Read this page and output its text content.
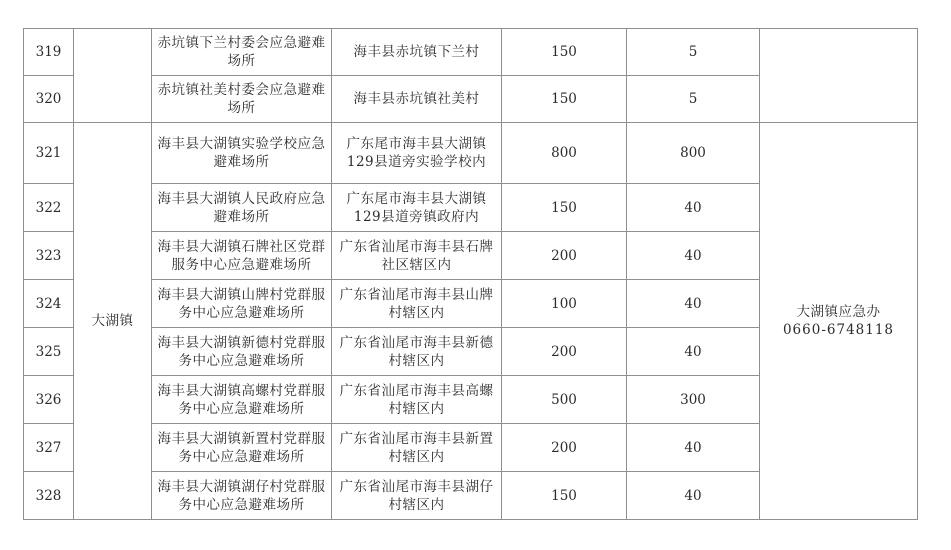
319		赤坑镇下兰村委会应急避难场所	海丰县赤坑镇下兰村	150	5	
320		赤坑镇社美村委会应急避难场所	海丰县赤坑镇社美村	150	5	
321	大湖镇	海丰县大湖镇实验学校应急避难场所	广东尾市海丰县大湖镇129县道旁实验学校内	800	800	大湖镇应急办
0660-6748118

322		海丰县大湖镇人民政府应急避难场所	广东尾市海丰县大湖镇129县道旁镇政府内	150	40	
323		海丰县大湖镇石牌社区党群服务中心应急避难场所	广东省汕尾市海丰县石牌社区辖区内	200	40	
324		海丰县大湖镇山牌村党群服务中心应急避难场所	广东省汕尾市海丰县山牌村辖区内	100	40	
325		海丰县大湖镇新德村党群服务中心应急避难场所	广东省汕尾市海丰县新德村辖区内	200	40	
326		海丰县大湖镇高螺村党群服务中心应急避难场所	广东省汕尾市海丰县高螺村辖区内	500	300	
327		海丰县大湖镇新置村党群服务中心应急避难场所	广东省汕尾市海丰县新置村辖区内	200	40	
328		海丰县大湖镇湖仔村党群服务中心应急避难场所	广东省汕尾市海丰县湖仔村辖区内	150	40	
